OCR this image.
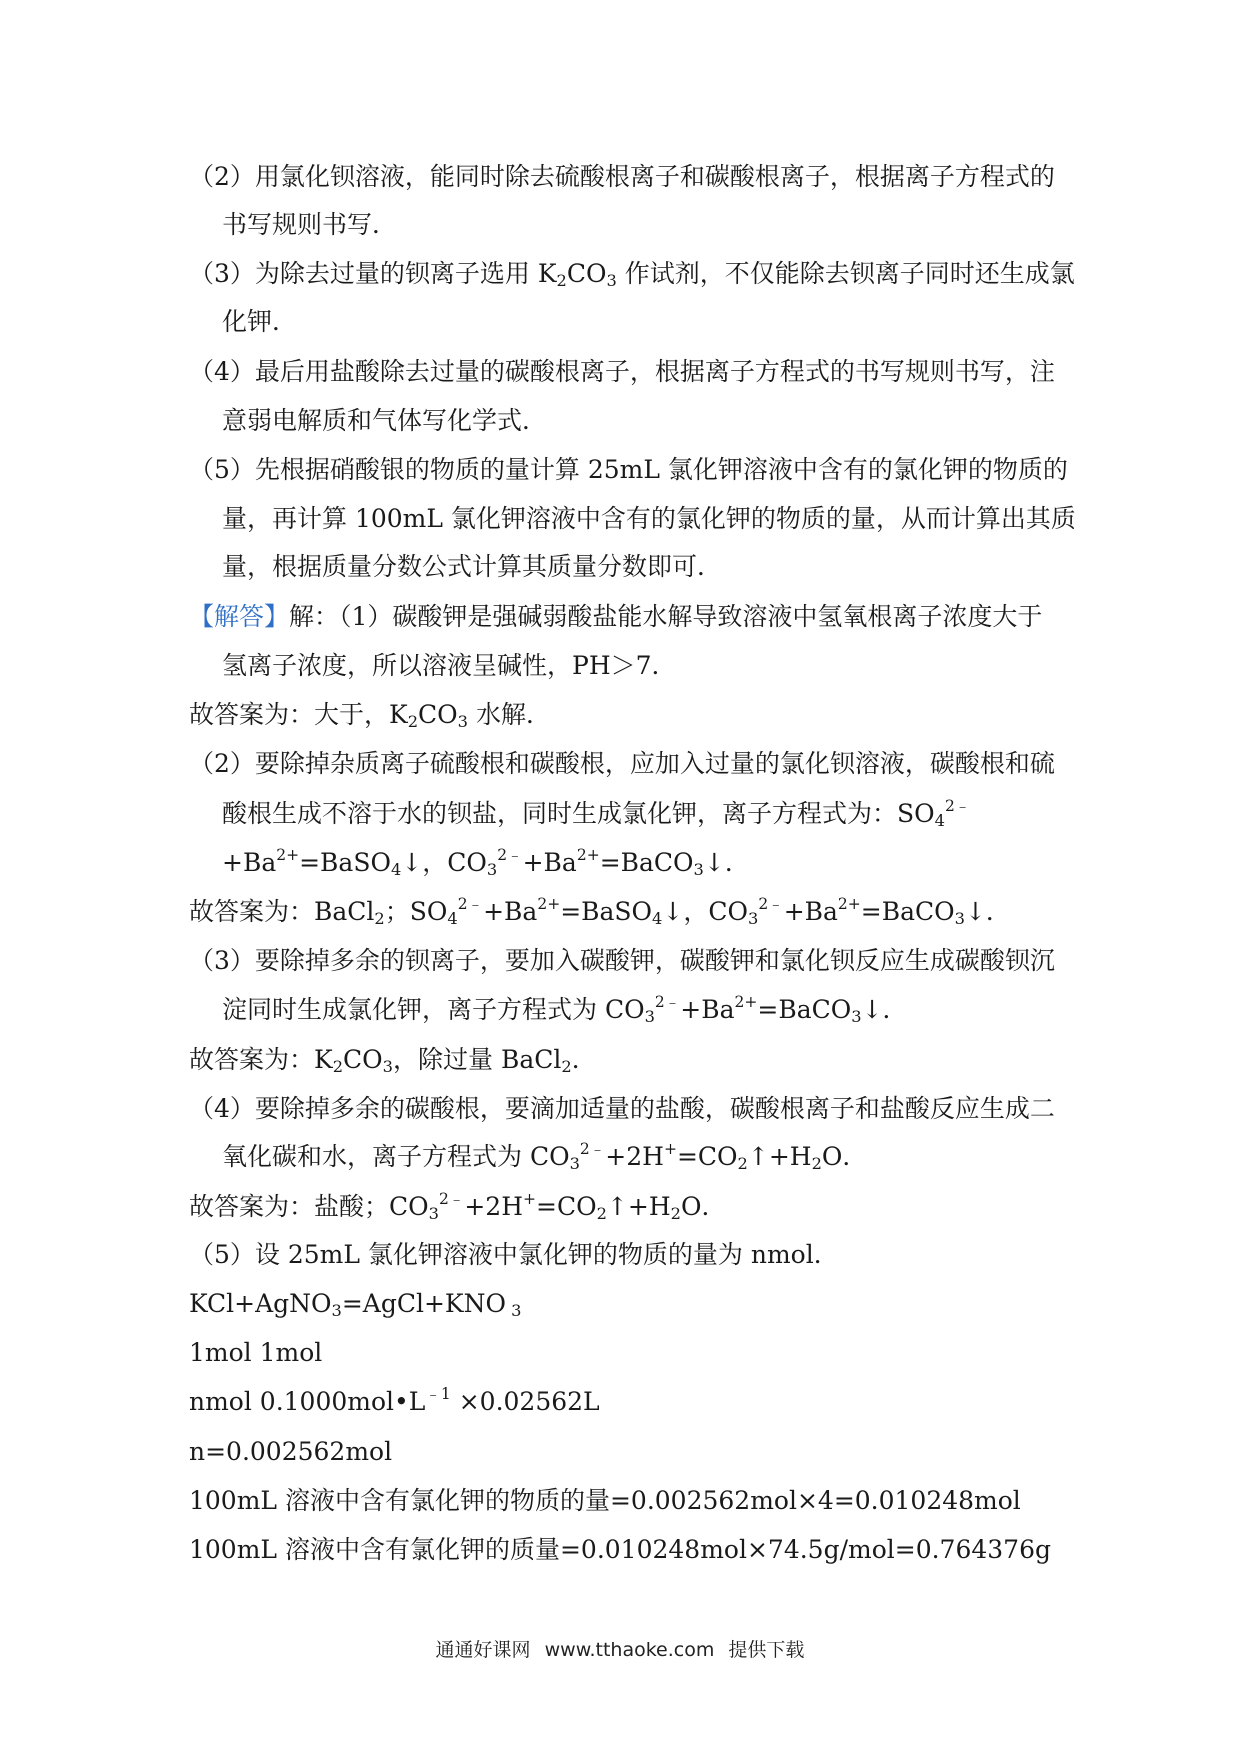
（2）用氯化钡溶液，能同时除去硫酸根离子和碳酸根离子，根据离子方程式的
书写规则书写．
（3）为除去过量的钡离子选用 $K_2CO_3$ 作试剂，不仅能除去钡离子同时还生成氯
化钾．
（4）最后用盐酸除去过量的碳酸根离子，根据离子方程式的书写规则书写，注
意弱电解质和气体写化学式．
（5）先根据硝酸银的物质的量计算 25mL 氯化钾溶液中含有的氯化钾的物质的
量，再计算 100mL 氯化钾溶液中含有的氯化钾的物质的量，从而计算出其质
量，根据质量分数公式计算其质量分数即可．
【解答】解：（1）碳酸钾是强碱弱酸盐能水解导致溶液中氢氧根离子浓度大于
氢离子浓度，所以溶液呈碱性，PH＞7．
故答案为：大于，$K_2CO_3$ 水解．
（2）要除掉杂质离子硫酸根和碳酸根，应加入过量的氯化钡溶液，碳酸根和硫
酸根生成不溶于水的钡盐，同时生成氯化钾，离子方程式为：$SO_4^{2﹣}$
$+Ba^{2+}=BaSO_4↓$，$CO_3^{2﹣}+Ba^{2+}=BaCO_3↓$．
故答案为：BaCl$_2$；$SO_4^{2﹣}+Ba^{2+}=BaSO_4↓$，$CO_3^{2﹣}+Ba^{2+}=BaCO_3↓$．
（3）要除掉多余的钡离子，要加入碳酸钾，碳酸钾和氯化钡反应生成碳酸钡沉
淀同时生成氯化钾，离子方程式为 $CO_3^{2﹣}+Ba^{2+}=BaCO_3↓$．
故答案为：$K_2CO_3$，除过量 BaCl$_2$．
（4）要除掉多余的碳酸根，要滴加适量的盐酸，碳酸根离子和盐酸反应生成二
氧化碳和水，离子方程式为 $CO_3^{2﹣}+2H^+=CO_2↑+H_2O$．
故答案为：盐酸；$CO_3^{2﹣}+2H^+=CO_2↑+H_2O$．
（5）设 25mL 氯化钾溶液中氯化钾的物质的量为 nmol．
KCl+AgNO$_3$=AgCl+KNO $_3$
1mol 1mol
nmol $0.1000mol•L^{﹣1} \times 0.02562L$
n=0.002562mol
100mL 溶液中含有氯化钾的物质的量=0.002562mol×4=0.010248mol
100mL 溶液中含有氯化钾的质量=0.010248mol×74.5g/mol=0.764376g
通通好课网 www.tthaoke.com 提供下载
